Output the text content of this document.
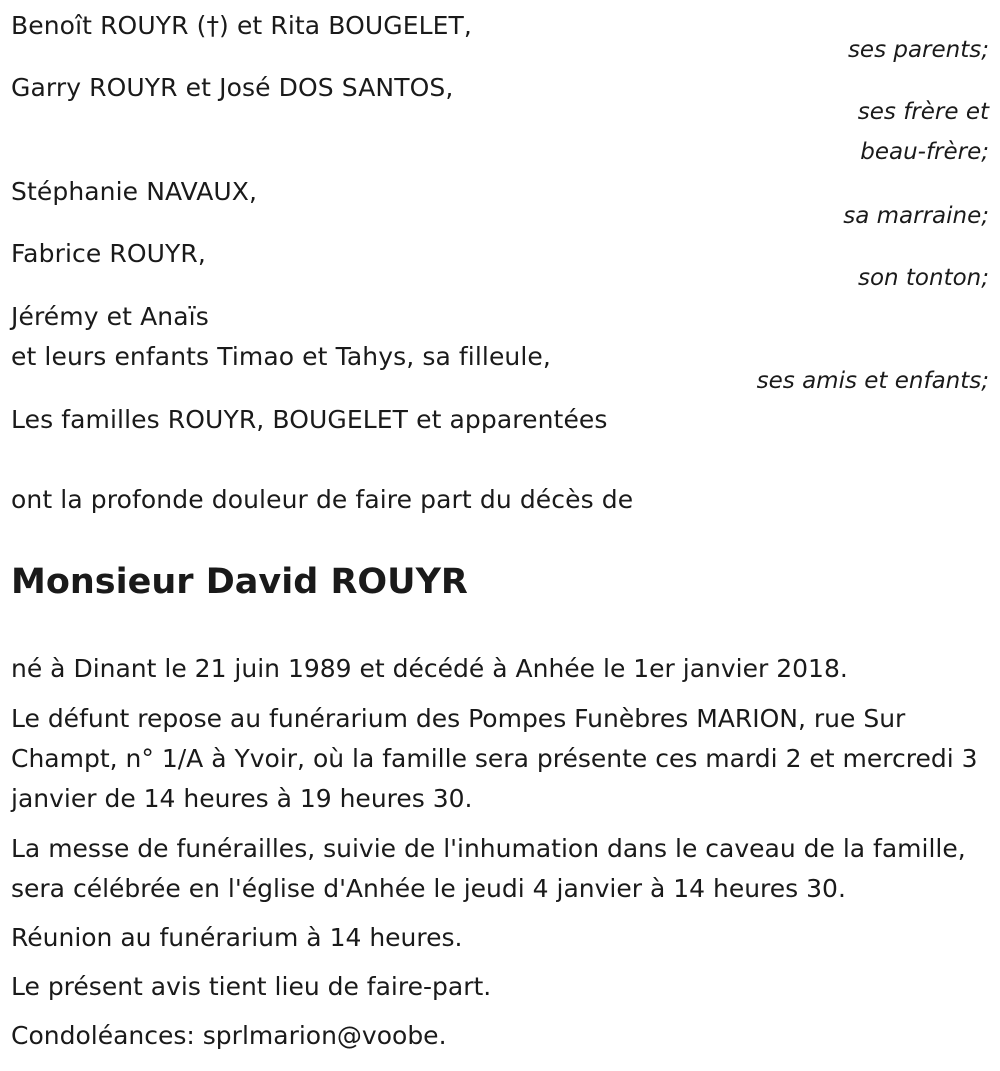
Benoît ROUYR (†) et Rita BOUGELET,
ses parents;
Garry ROUYR et José DOS SANTOS,
ses frère et
beau-frère;
Stéphanie NAVAUX,
sa marraine;
Fabrice ROUYR,
son tonton;
Jérémy et Anaïs
et leurs enfants Timao et Tahys, sa filleule,
ses amis et enfants;
Les familles ROUYR, BOUGELET et apparentées
ont la profonde douleur de faire part du décès de
Monsieur David ROUYR
né à Dinant le 21 juin 1989 et décédé à Anhée le 1er janvier 2018.
Le défunt repose au funérarium des Pompes Funèbres MARION, rue Sur Champt, n° 1/A à Yvoir, où la famille sera présente ces mardi 2 et mercredi 3 janvier de 14 heures à 19 heures 30.
La messe de funérailles, suivie de l'inhumation dans le caveau de la famille, sera célébrée en l'église d'Anhée le jeudi 4 janvier à 14 heures 30.
Réunion au funérarium à 14 heures.
Le présent avis tient lieu de faire-part.
Condoléances: sprlmarion@voobe.
